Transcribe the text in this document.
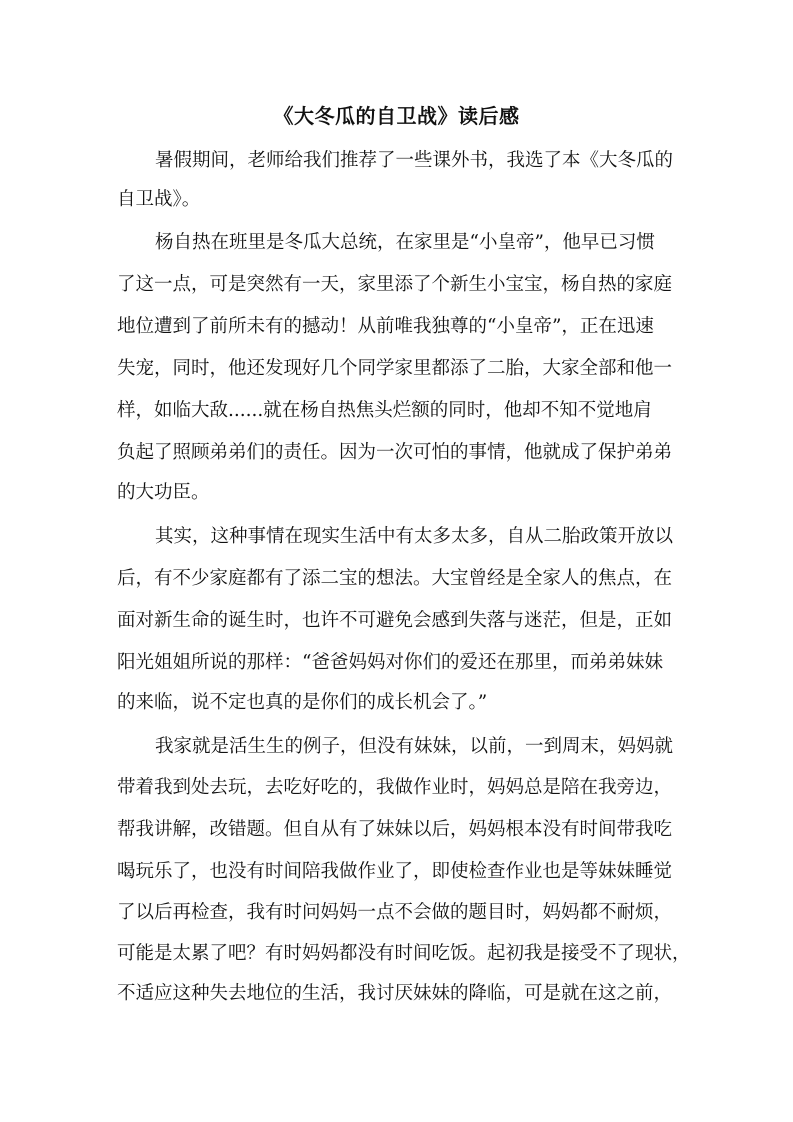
《大冬瓜的自卫战》读后感

暑假期间，老师给我们推荐了一些课外书，我选了本《大冬瓜的

自卫战》。

杨自热在班里是冬瓜大总统，在家里是“小皇帝”，他早已习惯

了这一点，可是突然有一天，家里添了个新生小宝宝，杨自热的家庭

地位遭到了前所未有的撼动！从前唯我独尊的“小皇帝”，正在迅速

失宠，同时，他还发现好几个同学家里都添了二胎，大家全部和他一

样，如临大敌......就在杨自热焦头烂额的同时，他却不知不觉地肩

负起了照顾弟弟们的责任。因为一次可怕的事情，他就成了保护弟弟

的大功臣。

其实，这种事情在现实生活中有太多太多，自从二胎政策开放以

后，有不少家庭都有了添二宝的想法。大宝曾经是全家人的焦点，在

面对新生命的诞生时，也许不可避免会感到失落与迷茫，但是，正如

阳光姐姐所说的那样：“爸爸妈妈对你们的爱还在那里，而弟弟妹妹

的来临，说不定也真的是你们的成长机会了。”

我家就是活生生的例子，但没有妹妹，以前，一到周末，妈妈就

带着我到处去玩，去吃好吃的，我做作业时，妈妈总是陪在我旁边，

帮我讲解，改错题。但自从有了妹妹以后，妈妈根本没有时间带我吃

喝玩乐了，也没有时间陪我做作业了，即使检查作业也是等妹妹睡觉

了以后再检查，我有时问妈妈一点不会做的题目时，妈妈都不耐烦，

可能是太累了吧？有时妈妈都没有时间吃饭。起初我是接受不了现状，

不适应这种失去地位的生活，我讨厌妹妹的降临，可是就在这之前，
